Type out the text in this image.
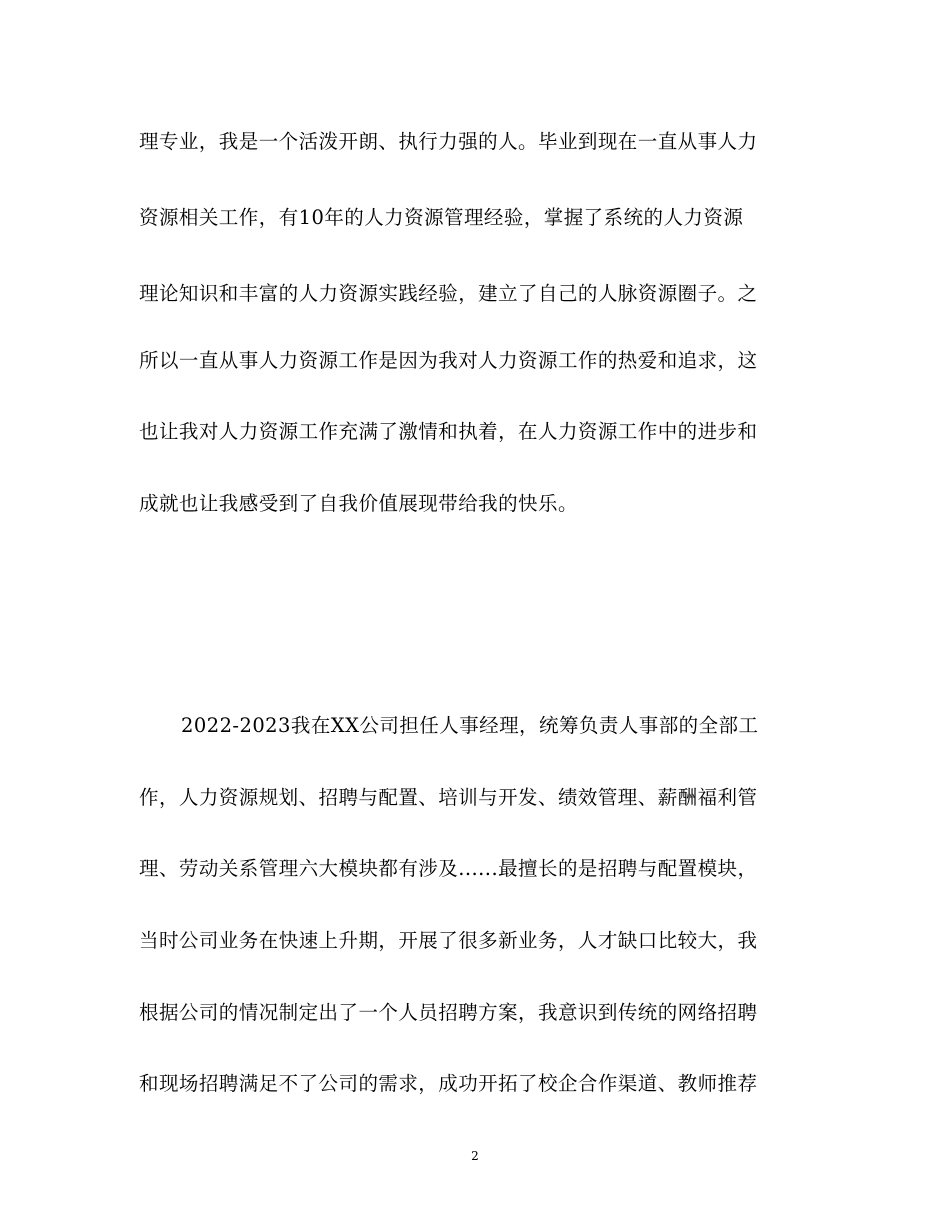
理专业，我是一个活泼开朗、执行力强的人。毕业到现在一直从事人力
资源相关工作，有10年的人力资源管理经验，掌握了系统的人力资源
理论知识和丰富的人力资源实践经验，建立了自己的人脉资源圈子。之
所以一直从事人力资源工作是因为我对人力资源工作的热爱和追求，这
也让我对人力资源工作充满了激情和执着，在人力资源工作中的进步和
成就也让我感受到了自我价值展现带给我的快乐。
2022-2023我在XX公司担任人事经理，统筹负责人事部的全部工
作，人力资源规划、招聘与配置、培训与开发、绩效管理、薪酬福利管
理、劳动关系管理六大模块都有涉及......最擅长的是招聘与配置模块，
当时公司业务在快速上升期，开展了很多新业务，人才缺口比较大，我
根据公司的情况制定出了一个人员招聘方案，我意识到传统的网络招聘
和现场招聘满足不了公司的需求，成功开拓了校企合作渠道、教师推荐
2
